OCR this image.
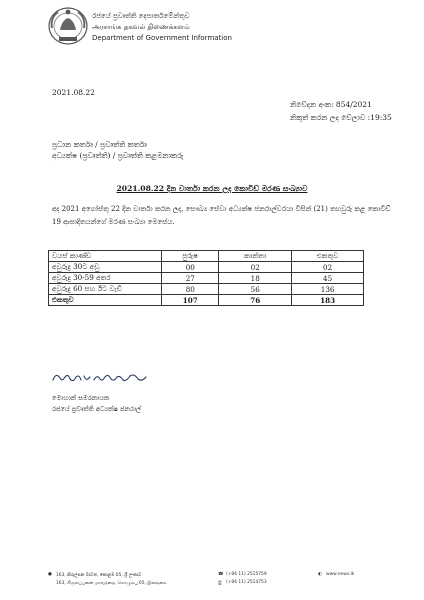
රජයේ ප්‍රවෘත්ති දෙපාර්තමේන්තුව
அரசாங்க தகவல் திணைக்களம்
Department of Government Information
2021.08.22
නිවේදන අංක: 854/2021
නිකුත් කරන ලද වේලාව :19:35
ප්‍රධාන කර්තෘ / ප්‍රවෘත්ති කර්තෘ
අධ්‍යක්ෂ (ප්‍රවෘත්ති) / ප්‍රවෘත්ති කළමනාකරු
2021.08.22 දින වාර්තා කරන ලද කොවිඩ් මරණ සංඛ්‍යාව
අද 2021 අගෝස්තු 22 දින වාර්තා කරන ලද, සෞඛ්‍ය සේවා අධ්‍යක්ෂ ජනරාල්වරයා විසින් (21) තහවුරු කළ කොවිඩ් 19 ආසාදිතයන්ගේ මරණ සංඛ්‍යා මෙසේය.
වයස් කාණ්ඩ	පුරුෂ	කාන්තා	එකතුව
අවුරුදු 30ට අඩු	00	02	02
අවුරුදු 30-59 අතර	27	18	45
අවුරුදු 60 සහ ඊට වැඩි	80	56	136
එකතුව	107	76	183
මොහාන් සමරනායක
රජයේ ප්‍රවෘත්ති අධ්‍යක්ෂ ජනරාල්
● 163, කිරුලපන මාවත, කොළඹ 05, ශ්‍රී ලංකාව
163, கிருலப்பனை மாவத்தை, கொழும்பு 05, இலங்கை.
☎ (+94 11) 2515759
⎙ (+94 11) 2514753
◐ www.news.lk
